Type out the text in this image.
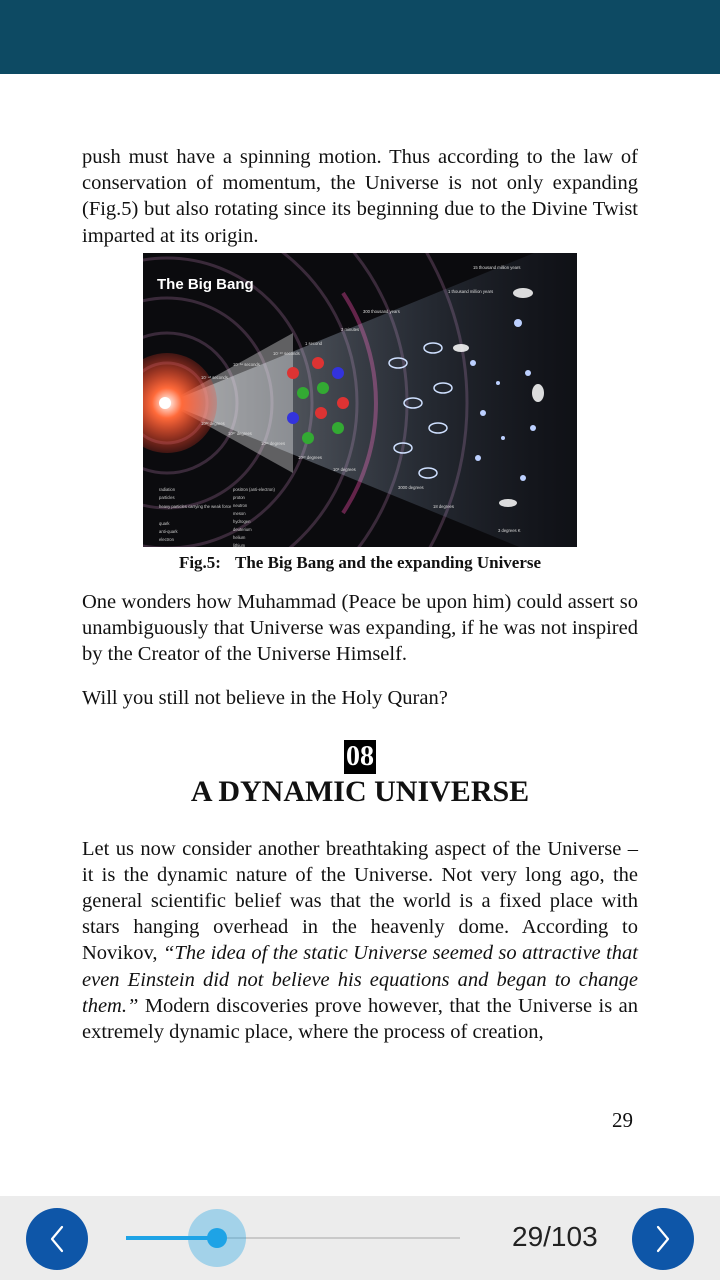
push must have a spinning motion. Thus according to the law of conservation of momentum, the Universe is not only expanding (Fig.5) but also rotating since its beginning due to the Divine Twist imparted at its origin.

The Big Bang
15 thousand million years
1 thousand million years
300 thousand years
3 minutes
1 second
10⁻¹⁰ seconds
10⁻³⁴ seconds
10⁻⁴³ seconds
10³² degrees
10²⁷ degrees
10¹⁵ degrees
10¹⁰ degrees
10⁹ degrees
3000 degrees
18 degrees
3 degrees K
radiation
particles
heavy particles carrying the weak force
quark
anti-quark
electron
positron (anti-electron)
proton
neutron
meson
hydrogen
deuterium
helium
lithium
Fig.5: The Big Bang and the expanding Universe

One wonders how Muhammad (Peace be upon him) could assert so unambiguously that Universe was expanding, if he was not inspired by the Creator of the Universe Himself.

Will you still not believe in the Holy Quran?

08
A DYNAMIC UNIVERSE

Let us now consider another breathtaking aspect of the Universe – it is the dynamic nature of the Universe. Not very long ago, the general scientific belief was that the world is a fixed place with stars hanging overhead in the heavenly dome. According to Novikov, “The idea of the static Universe seemed so attractive that even Einstein did not believe his equations and began to change them.” Modern discoveries prove however, that the Universe is an extremely dynamic place, where the process of creation,

29
29/103
